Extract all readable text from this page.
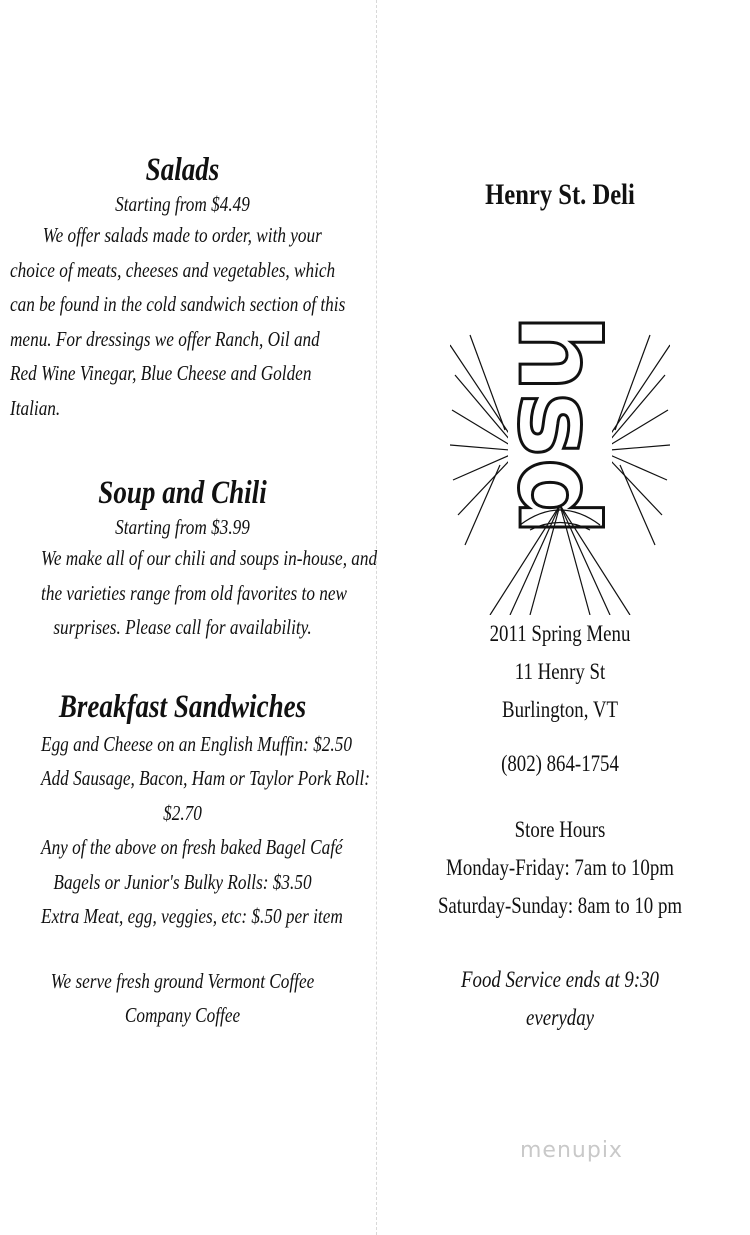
Salads

Starting from $4.49

We offer salads made to order, with your
choice of meats, cheeses and vegetables, which
can be found in the cold sandwich section of this
menu. For dressings we offer Ranch, Oil and
Red Wine Vinegar, Blue Cheese and Golden
Italian.

Soup and Chili

Starting from $3.99

We make all of our chili and soups in-house, and
the varieties range from old favorites to new
surprises. Please call for availability.

Breakfast Sandwiches

Egg and Cheese on an English Muffin: $2.50
Add Sausage, Bacon, Ham or Taylor Pork Roll:
$2.70
Any of the above on fresh baked Bagel Café
Bagels or Junior's Bulky Rolls: $3.50
Extra Meat, egg, veggies, etc: $.50 per item

We serve fresh ground Vermont Coffee
Company Coffee

Henry St. Deli
hsd

2011 Spring Menu

11 Henry St

Burlington, VT

(802) 864-1754

Store Hours

Monday-Friday: 7am to 10pm

Saturday-Sunday: 8am to 10 pm

Food Service ends at 9:30 everyday

menupix
